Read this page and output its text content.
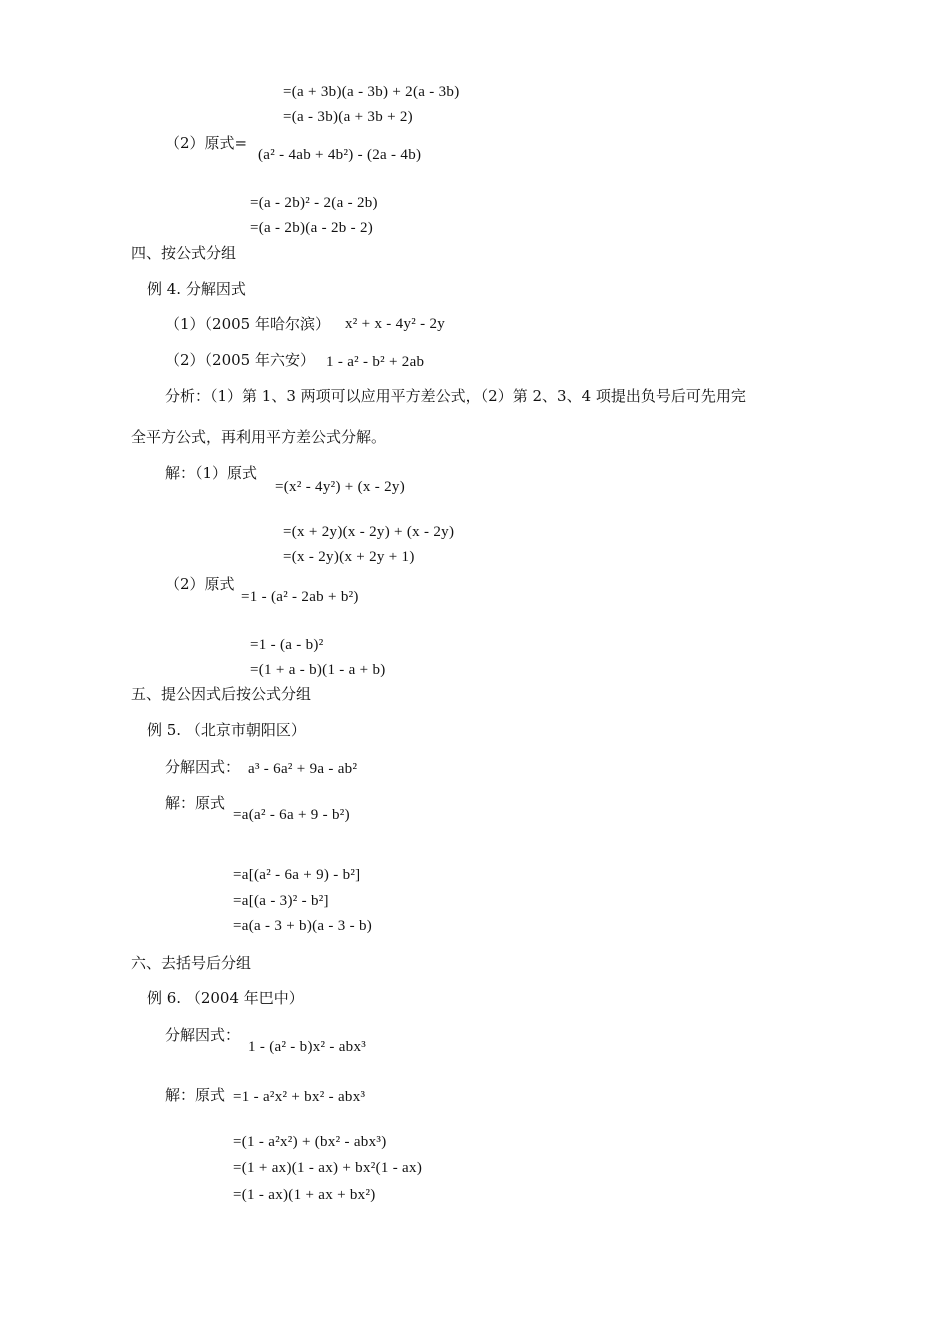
=(a + 3b)(a - 3b) + 2(a - 3b)
=(a - 3b)(a + 3b + 2)
（2）原式=
(a² - 4ab + 4b²) - (2a - 4b)
=(a - 2b)² - 2(a - 2b)
=(a - 2b)(a - 2b - 2)
四、按公式分组
例 4. 分解因式
（1）（2005 年哈尔滨） x² + x - 4y² - 2y
（2）（2005 年六安） 1 - a² - b² + 2ab
分析：（1）第 1、3 两项可以应用平方差公式，（2）第 2、3、4 项提出负号后可先用完
全平方公式，再利用平方差公式分解。
解：（1）原式
=(x² - 4y²) + (x - 2y)
=(x + 2y)(x - 2y) + (x - 2y)
=(x - 2y)(x + 2y + 1)
（2）原式
=1 - (a² - 2ab + b²)
=1 - (a - b)²
=(1 + a - b)(1 - a + b)
五、提公因式后按公式分组
例 5. （北京市朝阳区）
分解因式： a³ - 6a² + 9a - ab²
解：原式
=a(a² - 6a + 9 - b²)
=a[(a² - 6a + 9) - b²]
=a[(a - 3)² - b²]
=a(a - 3 + b)(a - 3 - b)
六、去括号后分组
例 6. （2004 年巴中）
分解因式：
1 - (a² - b)x² - abx³
解：原式 =1 - a²x² + bx² - abx³
=(1 - a²x²) + (bx² - abx³)
=(1 + ax)(1 - ax) + bx²(1 - ax)
=(1 - ax)(1 + ax + bx²)
